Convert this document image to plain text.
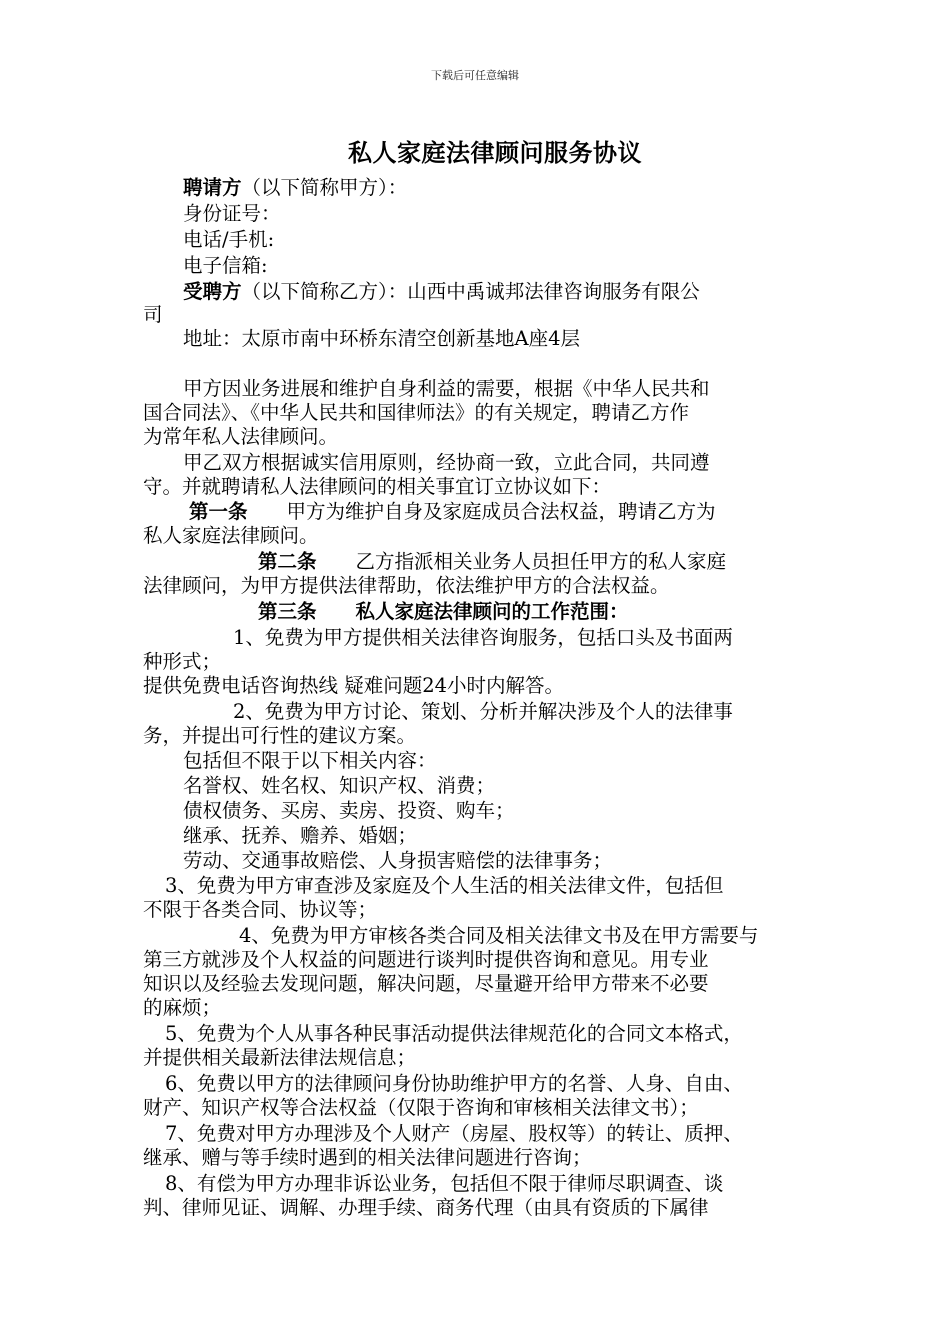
下载后可任意编辑
私人家庭法律顾问服务协议
聘请方（以下简称甲方）：
身份证号：
电话/手机:
电子信箱:
受聘方（以下简称乙方）：山西中禹诚邦法律咨询服务有限公
司
地址：太原市南中环桥东清空创新基地A座4层
甲方因业务进展和维护自身利益的需要，根据《中华人民共和
国合同法》、《中华人民共和国律师法》的有关规定，聘请乙方作
为常年私人法律顾问。
甲乙双方根据诚实信用原则，经协商一致，立此合同，共同遵
守。并就聘请私人法律顾问的相关事宜订立协议如下：
第一条　　甲方为维护自身及家庭成员合法权益，聘请乙方为
私人家庭法律顾问。
第二条　　乙方指派相关业务人员担任甲方的私人家庭
法律顾问，为甲方提供法律帮助，依法维护甲方的合法权益。
第三条　　私人家庭法律顾问的工作范围：
1、免费为甲方提供相关法律咨询服务，包括口头及书面两
种形式；
提供免费电话咨询热线 疑难问题24小时内解答。
2、免费为甲方讨论、策划、分析并解决涉及个人的法律事
务，并提出可行性的建议方案。
包括但不限于以下相关内容：
名誉权、姓名权、知识产权、消费；
债权债务、买房、卖房、投资、购车；
继承、抚养、赡养、婚姻；
劳动、交通事故赔偿、人身损害赔偿的法律事务；
3、免费为甲方审查涉及家庭及个人生活的相关法律文件，包括但
不限于各类合同、协议等；
4、免费为甲方审核各类合同及相关法律文书及在甲方需要与
第三方就涉及个人权益的问题进行谈判时提供咨询和意见。用专业
知识以及经验去发现问题，解决问题，尽量避开给甲方带来不必要
的麻烦；
5、免费为个人从事各种民事活动提供法律规范化的合同文本格式，
并提供相关最新法律法规信息；
6、免费以甲方的法律顾问身份协助维护甲方的名誉、人身、自由、
财产、知识产权等合法权益（仅限于咨询和审核相关法律文书）；
7、免费对甲方办理涉及个人财产（房屋、股权等）的转让、质押、
继承、赠与等手续时遇到的相关法律问题进行咨询；
8、有偿为甲方办理非诉讼业务，包括但不限于律师尽职调查、谈
判、律师见证、调解、办理手续、商务代理（由具有资质的下属律
